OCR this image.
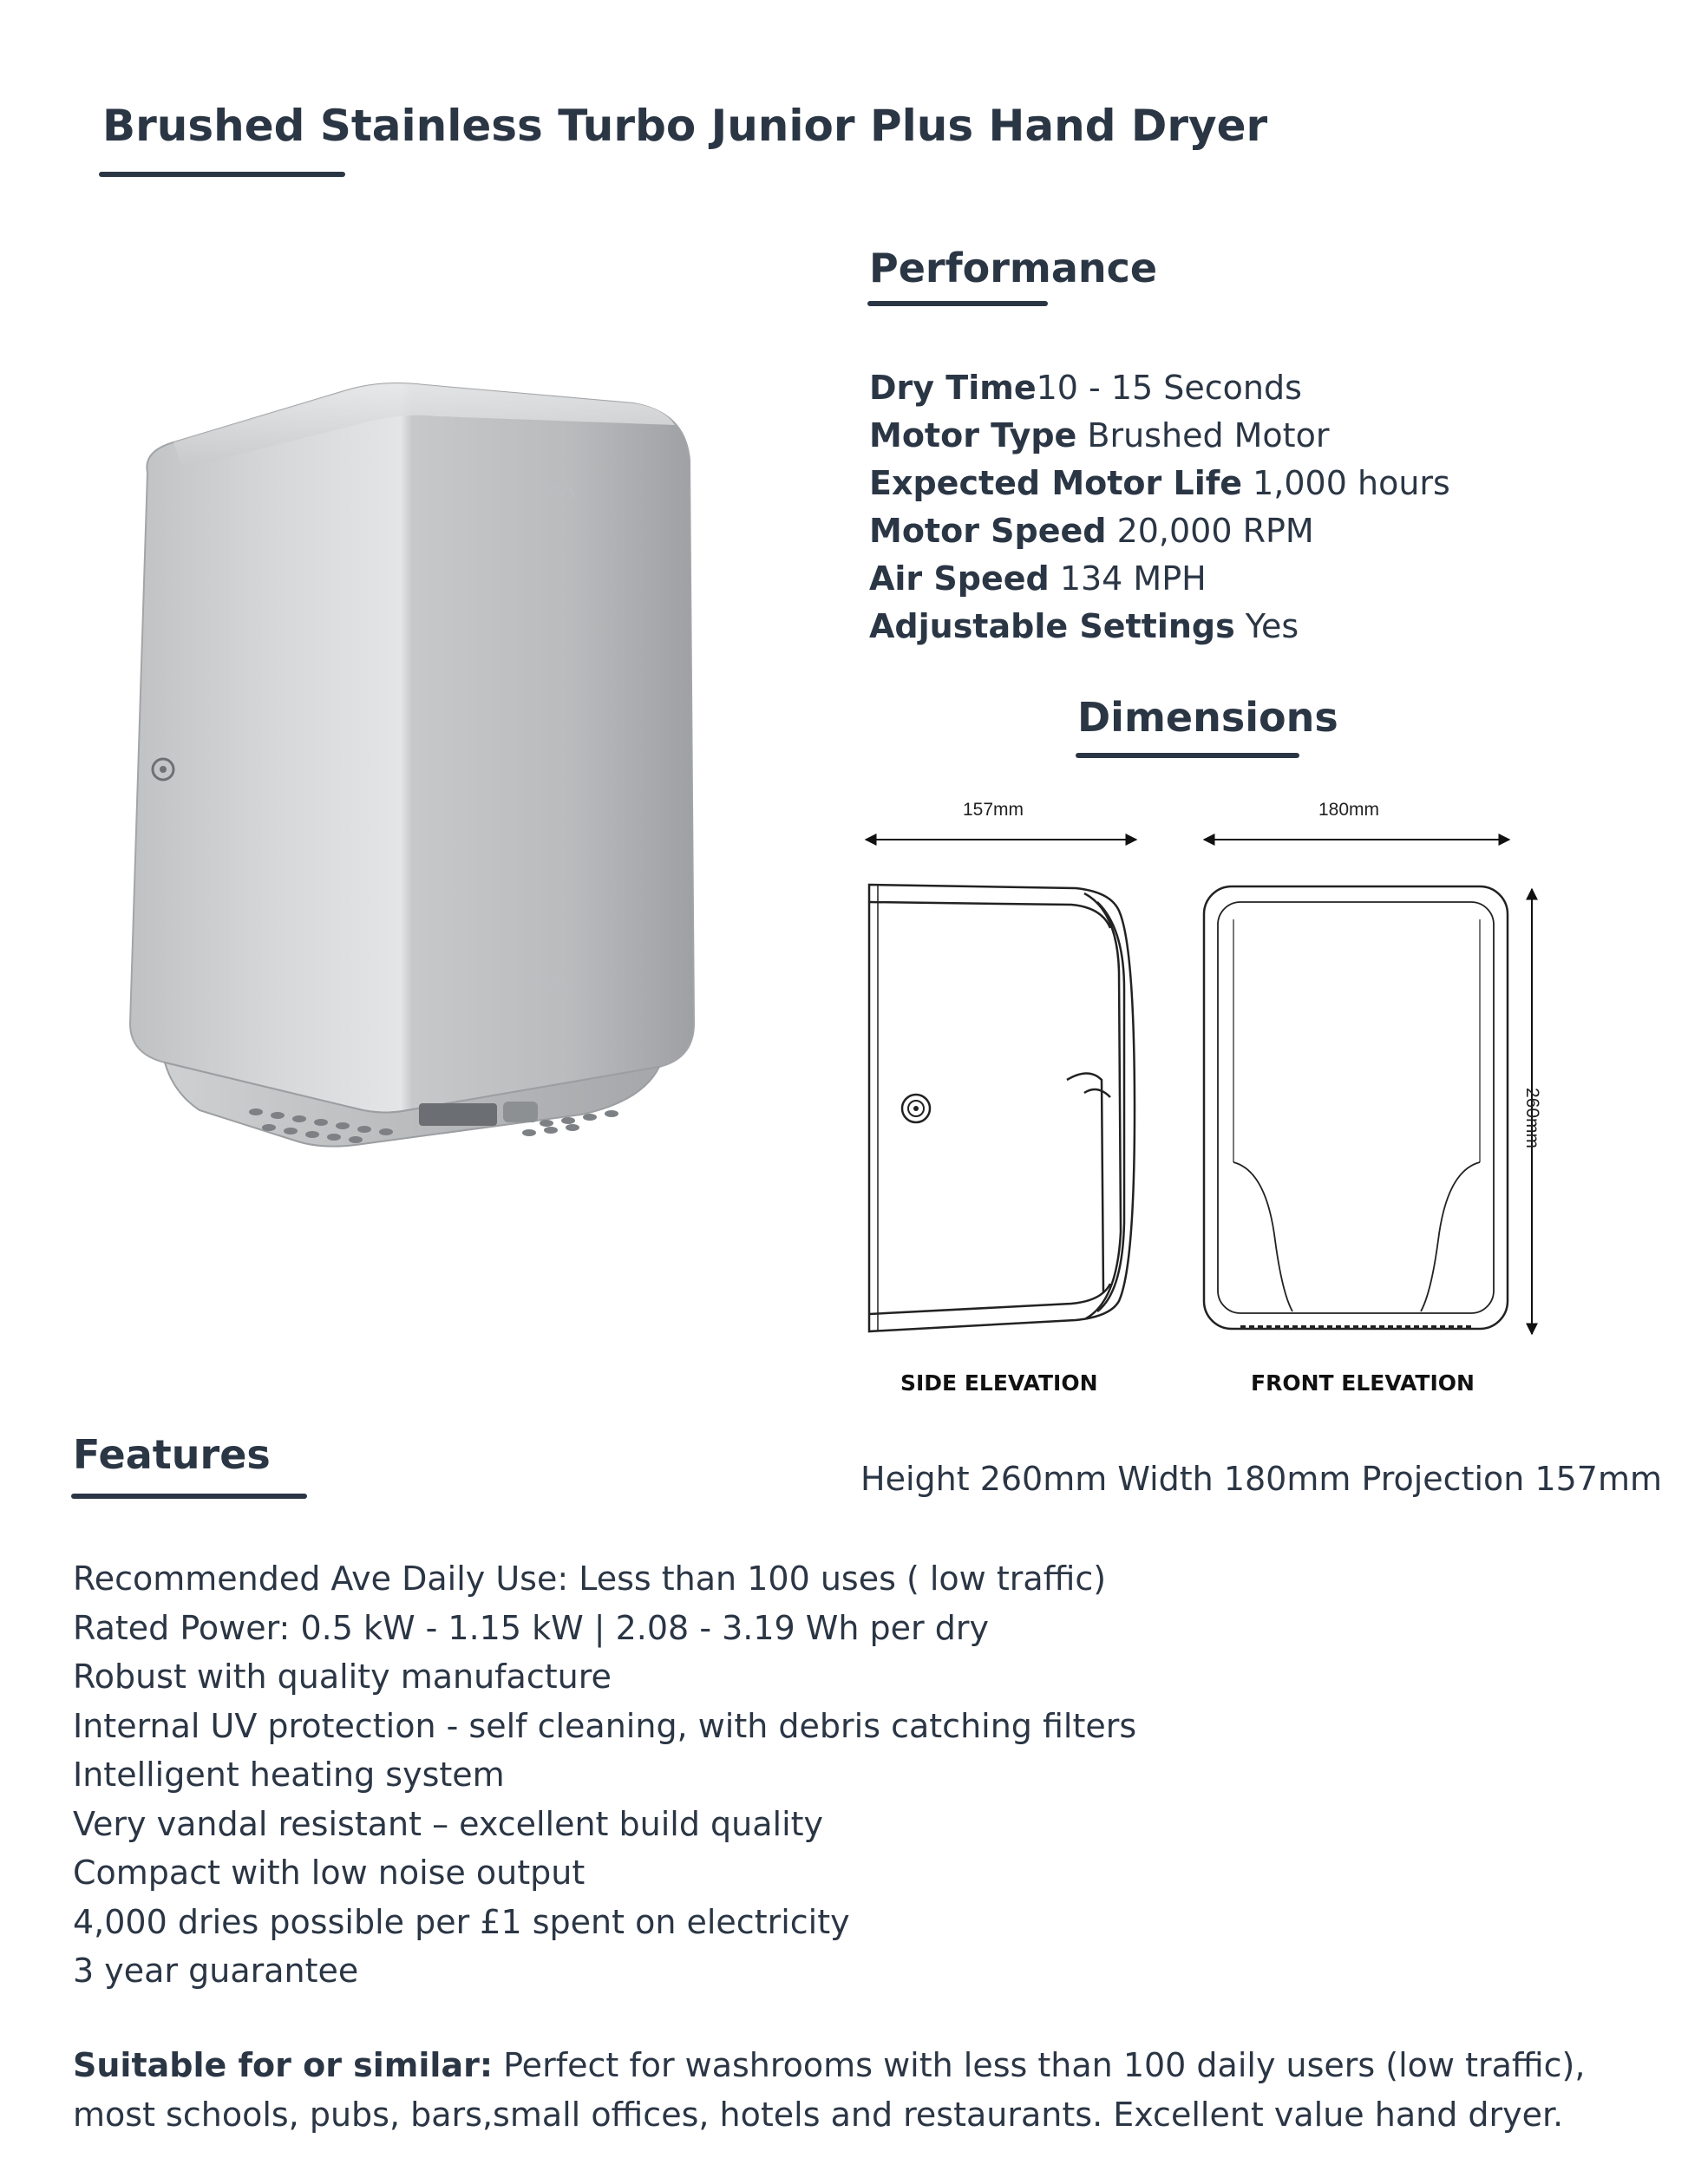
Brushed Stainless Turbo Junior Plus Hand Dryer
Performance
Dry Time10 - 15 Seconds
Motor Type Brushed Motor
Expected Motor Life 1,000 hours
Motor Speed 20,000 RPM
Air Speed 134 MPH
Adjustable Settings Yes
Dimensions
157mm	180mm
260mm
SIDE ELEVATION	FRONT ELEVATION
Height 260mm Width 180mm Projection 157mm
Features
Recommended Ave Daily Use: Less than 100 uses ( low traffic)
Rated Power: 0.5 kW - 1.15 kW | 2.08 - 3.19 Wh per dry
Robust with quality manufacture
Internal UV protection - self cleaning, with debris catching filters
Intelligent heating system
Very vandal resistant – excellent build quality
Compact with low noise output
4,000 dries possible per £1 spent on electricity
3 year guarantee
Suitable for or similar: Perfect for washrooms with less than 100 daily users (low traffic), most schools, pubs, bars,small offices, hotels and restaurants. Excellent value hand dryer.
